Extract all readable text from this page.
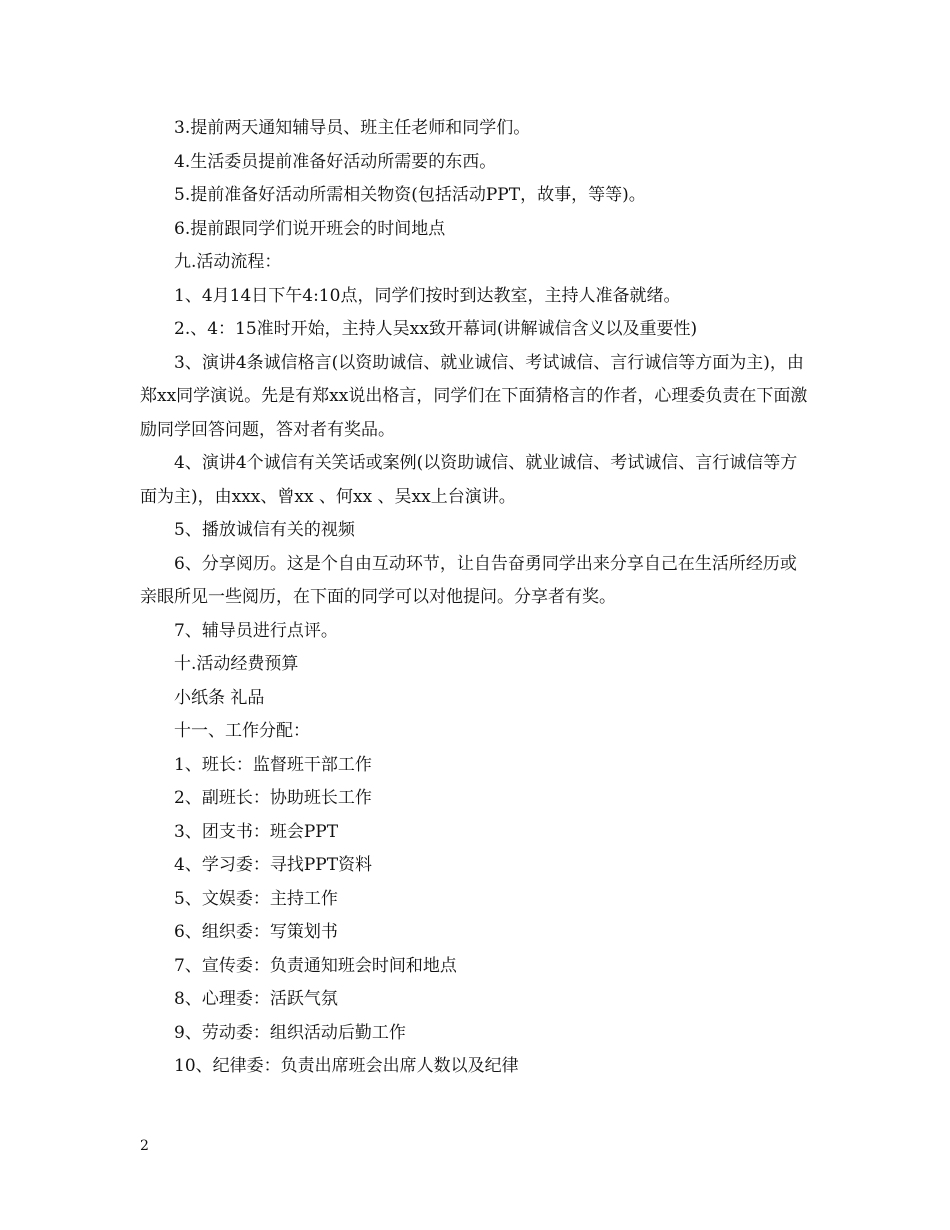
3.提前两天通知辅导员、班主任老师和同学们。

4.生活委员提前准备好活动所需要的东西。

5.提前准备好活动所需相关物资(包括活动PPT，故事，等等)。

6.提前跟同学们说开班会的时间地点

九.活动流程：

1、4月14日下午4:10点，同学们按时到达教室，主持人准备就绪。

2.、4：15准时开始，主持人吴xx致开幕词(讲解诚信含义以及重要性)

3、演讲4条诚信格言(以资助诚信、就业诚信、考试诚信、言行诚信等方面为主)，由郑xx同学演说。先是有郑xx说出格言，同学们在下面猜格言的作者，心理委负责在下面激励同学回答问题，答对者有奖品。

4、演讲4个诚信有关笑话或案例(以资助诚信、就业诚信、考试诚信、言行诚信等方面为主)，由xxx、曾xx 、何xx 、吴xx上台演讲。

5、播放诚信有关的视频

6、分享阅历。这是个自由互动环节，让自告奋勇同学出来分享自己在生活所经历或亲眼所见一些阅历，在下面的同学可以对他提问。分享者有奖。

7、辅导员进行点评。

十.活动经费预算

小纸条 礼品

十一、工作分配：

1、班长：监督班干部工作

2、副班长：协助班长工作

3、团支书：班会PPT

4、学习委：寻找PPT资料

5、文娱委：主持工作

6、组织委：写策划书

7、宣传委：负责通知班会时间和地点

8、心理委：活跃气氛

9、劳动委：组织活动后勤工作

10、纪律委：负责出席班会出席人数以及纪律

2
